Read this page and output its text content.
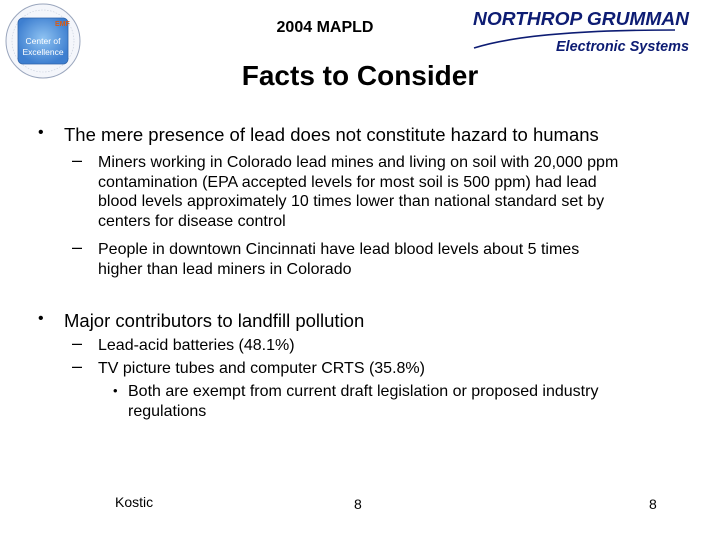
EMF
Center of
Excellence
2004 MAPLD	NORTHROP GRUMMAN
Electronic Systems
Facts to Consider
• The mere presence of lead does not constitute hazard to humans
– Miners working in Colorado lead mines and living on soil with 20,000 ppm
contamination (EPA accepted levels for most soil is 500 ppm) had lead
blood levels approximately 10 times lower than national standard set by
centers for disease control
– People in downtown Cincinnati have lead blood levels about 5 times
higher than lead miners in Colorado
• Major contributors to landfill pollution
– Lead-acid batteries (48.1%)
– TV picture tubes and computer CRTS (35.8%)
• Both are exempt from current draft legislation or proposed industry
regulations
Kostic	8	8
